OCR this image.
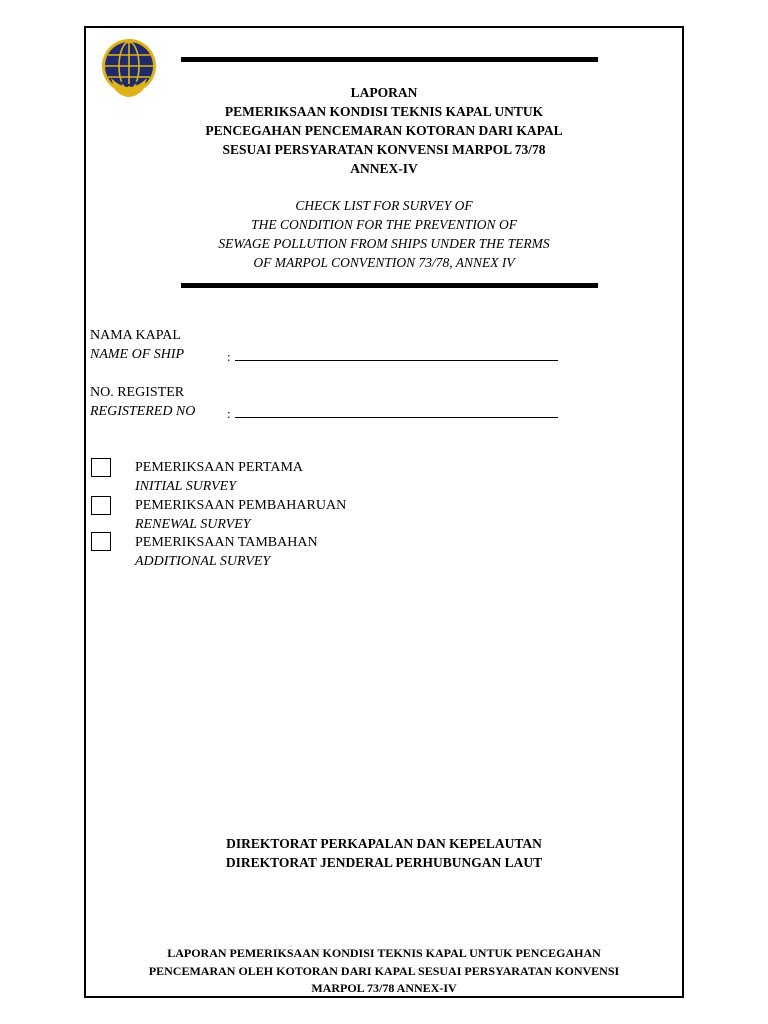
LAPORAN
PEMERIKSAAN KONDISI TEKNIS KAPAL UNTUK
PENCEGAHAN PENCEMARAN KOTORAN DARI KAPAL
SESUAI PERSYARATAN KONVENSI MARPOL 73/78
ANNEX-IV
CHECK LIST FOR SURVEY OF
THE CONDITION FOR THE PREVENTION OF
SEWAGE POLLUTION FROM SHIPS UNDER THE TERMS
OF MARPOL CONVENTION 73/78, ANNEX IV
NAMA KAPAL
NAME OF SHIP	:
NO. REGISTER
REGISTERED NO :
PEMERIKSAAN PERTAMA
INITIAL SURVEY
PEMERIKSAAN PEMBAHARUAN
RENEWAL SURVEY
PEMERIKSAAN TAMBAHAN
ADDITIONAL SURVEY
DIREKTORAT PERKAPALAN DAN KEPELAUTAN
DIREKTORAT JENDERAL PERHUBUNGAN LAUT
LAPORAN PEMERIKSAAN KONDISI TEKNIS KAPAL UNTUK PENCEGAHAN
PENCEMARAN OLEH KOTORAN DARI KAPAL SESUAI PERSYARATAN KONVENSI
MARPOL 73/78 ANNEX-IV
